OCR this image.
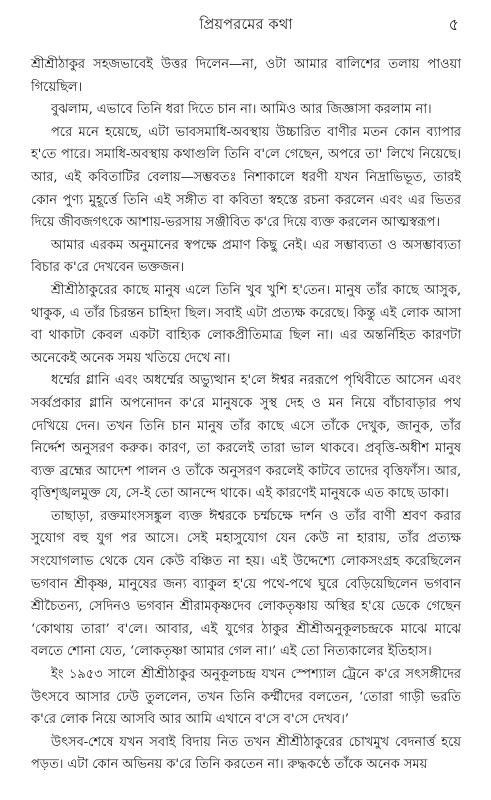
প্রিয়পরমের কথা	৫

শ্রীশ্রীঠাকুর সহজভাবেই উত্তর দিলেন—না, ওটা আমার বালিশের তলায় পাওয়া গিয়েছিল।

বুঝলাম, এভাবে তিনি ধরা দিতে চান না। আমিও আর জিজ্ঞাসা করলাম না।

পরে মনে হয়েছে, এটা ভাবসমাধি-অবস্থায় উচ্চারিত বাণীর মতন কোন ব্যাপার হ'তে পারে। সমাধি-অবস্থায় কথাগুলি তিনি ব'লে গেছেন, অপরে তা' লিখে নিয়েছে। আর, এই কবিতাটির বেলায়—সম্ভবতঃ নিশাকালে ধরণী যখন নিদ্রাভিভূত, তারই কোন পুণ্য মুহূর্ত্তে তিনি এই সঙ্গীত বা কবিতা স্বহস্তে রচনা করলেন এবং এর ভিতর দিয়ে জীবজগৎকে আশায়-ভরসায় সঞ্জীবিত ক'রে দিয়ে ব্যক্ত করলেন আত্মস্বরূপ।

আমার এরকম অনুমানের স্বপক্ষে প্রমাণ কিছু নেই। এর সম্ভাব্যতা ও অসম্ভাব্যতা বিচার ক'রে দেখবেন ভক্তজন।

শ্রীশ্রীঠাকুরের কাছে মানুষ এলে তিনি খুব খুশি হ'তেন। মানুষ তাঁর কাছে আসুক, থাকুক, এ তাঁর চিরন্তন চাহিদা ছিল। সবাই এটা প্রত্যক্ষ করেছে। কিন্তু এই লোক আসা বা থাকাটা কেবল একটা বাহ্যিক লোকপ্রীতিমাত্র ছিল না। এর অন্তর্নিহিত কারণটা অনেকেই অনেক সময় খতিয়ে দেখে না।

ধর্ম্মের গ্লানি এবং অধর্ম্মের অভ্যুত্থান হ'লে ঈশ্বর নররূপে পৃথিবীতে আসেন এবং সর্ব্বপ্রকার গ্লানি অপনোদন ক'রে মানুষকে সুস্থ দেহ ও মন নিয়ে বাঁচাবাড়ার পথ দেখিয়ে দেন। তখন তিনি চান মানুষ তাঁর কাছে এসে তাঁকে দেখুক, জানুক, তাঁর নির্দ্দেশ অনুসরণ করুক। কারণ, তা করলেই তারা ভাল থাকবে। প্রবৃত্তি-অধীশ মানুষ ব্যক্ত ব্রহ্মের আদেশ পালন ও তাঁকে অনুসরণ করলেই কাটবে তাদের বৃত্তিফাঁস। আর, বৃত্তিশৃঙ্খলমুক্ত যে, সে-ই তো আনন্দে থাকে। এই কারণেই মানুষকে এত কাছে ডাকা।

তাছাড়া, রক্তমাংসসঙ্কুল ব্যক্ত ঈশ্বরকে চর্ম্মচক্ষে দর্শন ও তাঁর বাণী শ্রবণ করার সুযোগ বহু যুগ পর আসে। সেই মহাসুযোগ যেন কেউ না হারায়, তাঁর প্রত্যক্ষ সংযোগলাভ থেকে যেন কেউ বঞ্চিত না হয়। এই উদ্দেশ্যে লোকসংগ্রহ করেছিলেন ভগবান শ্রীকৃষ্ণ, মানুষের জন্য ব্যাকুল হ'য়ে পথে-পথে ঘুরে বেড়িয়েছিলেন ভগবান শ্রীচৈতন্য, সেদিনও ভগবান শ্রীরামকৃষ্ণদেব লোকতৃষ্ণায় অস্থির হ'য়ে ডেকে গেছেন ‘কোথায় তারা’ ব'লে। আবার, এই যুগের ঠাকুর শ্রীশ্রীঅনুকূলচন্দ্রকে মাঝে মাঝে বলতে শোনা যেত, ‘লোকতৃষ্ণা আমার গেল না।’ এই তো নিত্যকালের ইতিহাস।

ইং ১৯৫৩ সালে শ্রীশ্রীঠাকুর অনুকূলচন্দ্র যখন স্পেশ্যাল ট্রেনে ক'রে সৎসঙ্গীদের উৎসবে আসার ঢেউ তুললেন, তখন তিনি কর্ম্মীদের বলতেন, ‘তোরা গাড়ী ভরতি ক'রে লোক নিয়ে আসবি আর আমি এখানে ব'সে ব'সে দেখব।’

উৎসব-শেষে যখন সবাই বিদায় নিত তখন শ্রীশ্রীঠাকুরের চোখমুখ বেদনার্ত্ত হয়ে পড়ত। এটা কোন অভিনয় ক'রে তিনি করতেন না। রুদ্ধকণ্ঠে তাঁকে অনেক সময়
